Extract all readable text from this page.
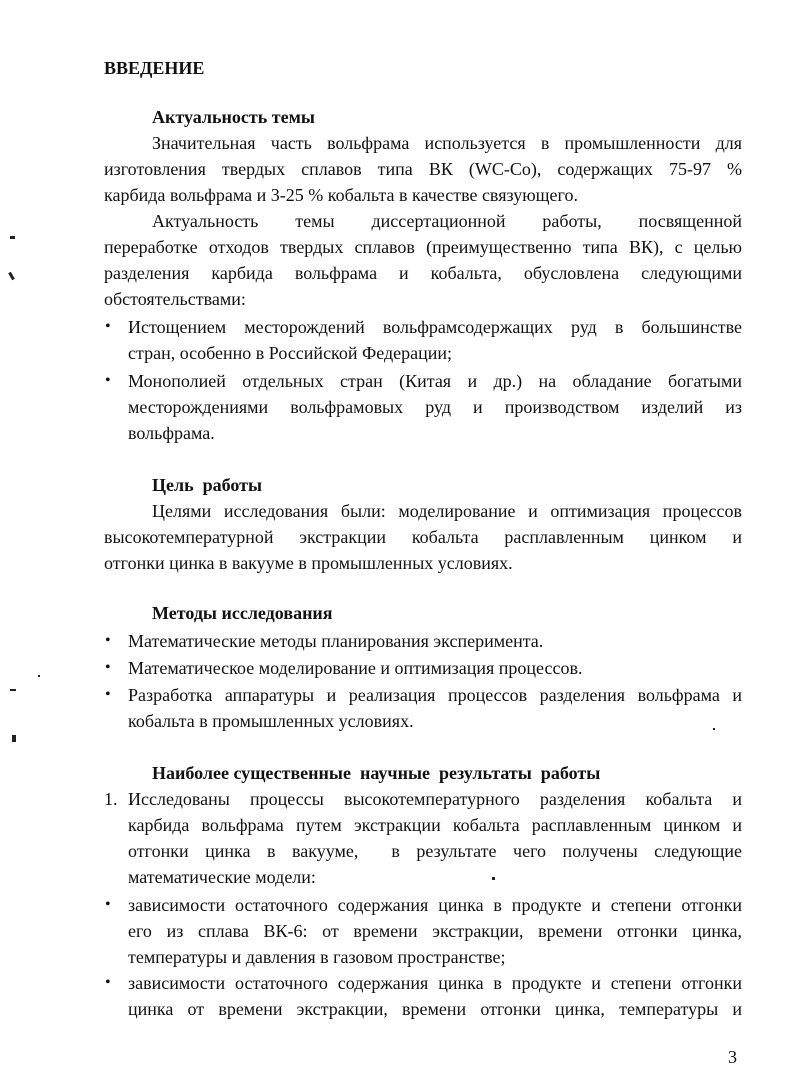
ВВЕДЕНИЕ
Актуальность темы
Значительная часть вольфрама используется в промышленности для
изготовления твердых сплавов типа ВК (WC-Co), содержащих 75-97 %
карбида вольфрама и 3-25 % кобальта в качестве связующего.
Актуальность темы диссертационной работы, посвященной
переработке отходов твердых сплавов (преимущественно типа ВК), с целью
разделения карбида вольфрама и кобальта, обусловлена следующими
обстоятельствами:
• Истощением месторождений вольфрамсодержащих руд в большинстве
стран, особенно в Российской Федерации;
• Монополией отдельных стран (Китая и др.) на обладание богатыми
месторождениями вольфрамовых руд и производством изделий из
вольфрама.
Цель  работы
Целями исследования были: моделирование и оптимизация процессов
высокотемпературной экстракции кобальта расплавленным цинком и
отгонки цинка в вакууме в промышленных условиях.
Методы исследования
• Математические методы планирования эксперимента.
• Математическое моделирование и оптимизация процессов.
• Разработка аппаратуры и реализация процессов разделения вольфрама и
кобальта в промышленных условиях.
Наиболее существенные  научные  результаты  работы
1. Исследованы процессы высокотемпературного разделения кобальта и
карбида вольфрама путем экстракции кобальта расплавленным цинком и
отгонки цинка в вакууме,  в результате чего получены следующие
математические модели:
• зависимости остаточного содержания цинка в продукте и степени отгонки
его из сплава ВК-6: от времени экстракции, времени отгонки цинка,
температуры и давления в газовом пространстве;
• зависимости остаточного содержания цинка в продукте и степени отгонки
цинка от времени экстракции, времени отгонки цинка, температуры и
3
